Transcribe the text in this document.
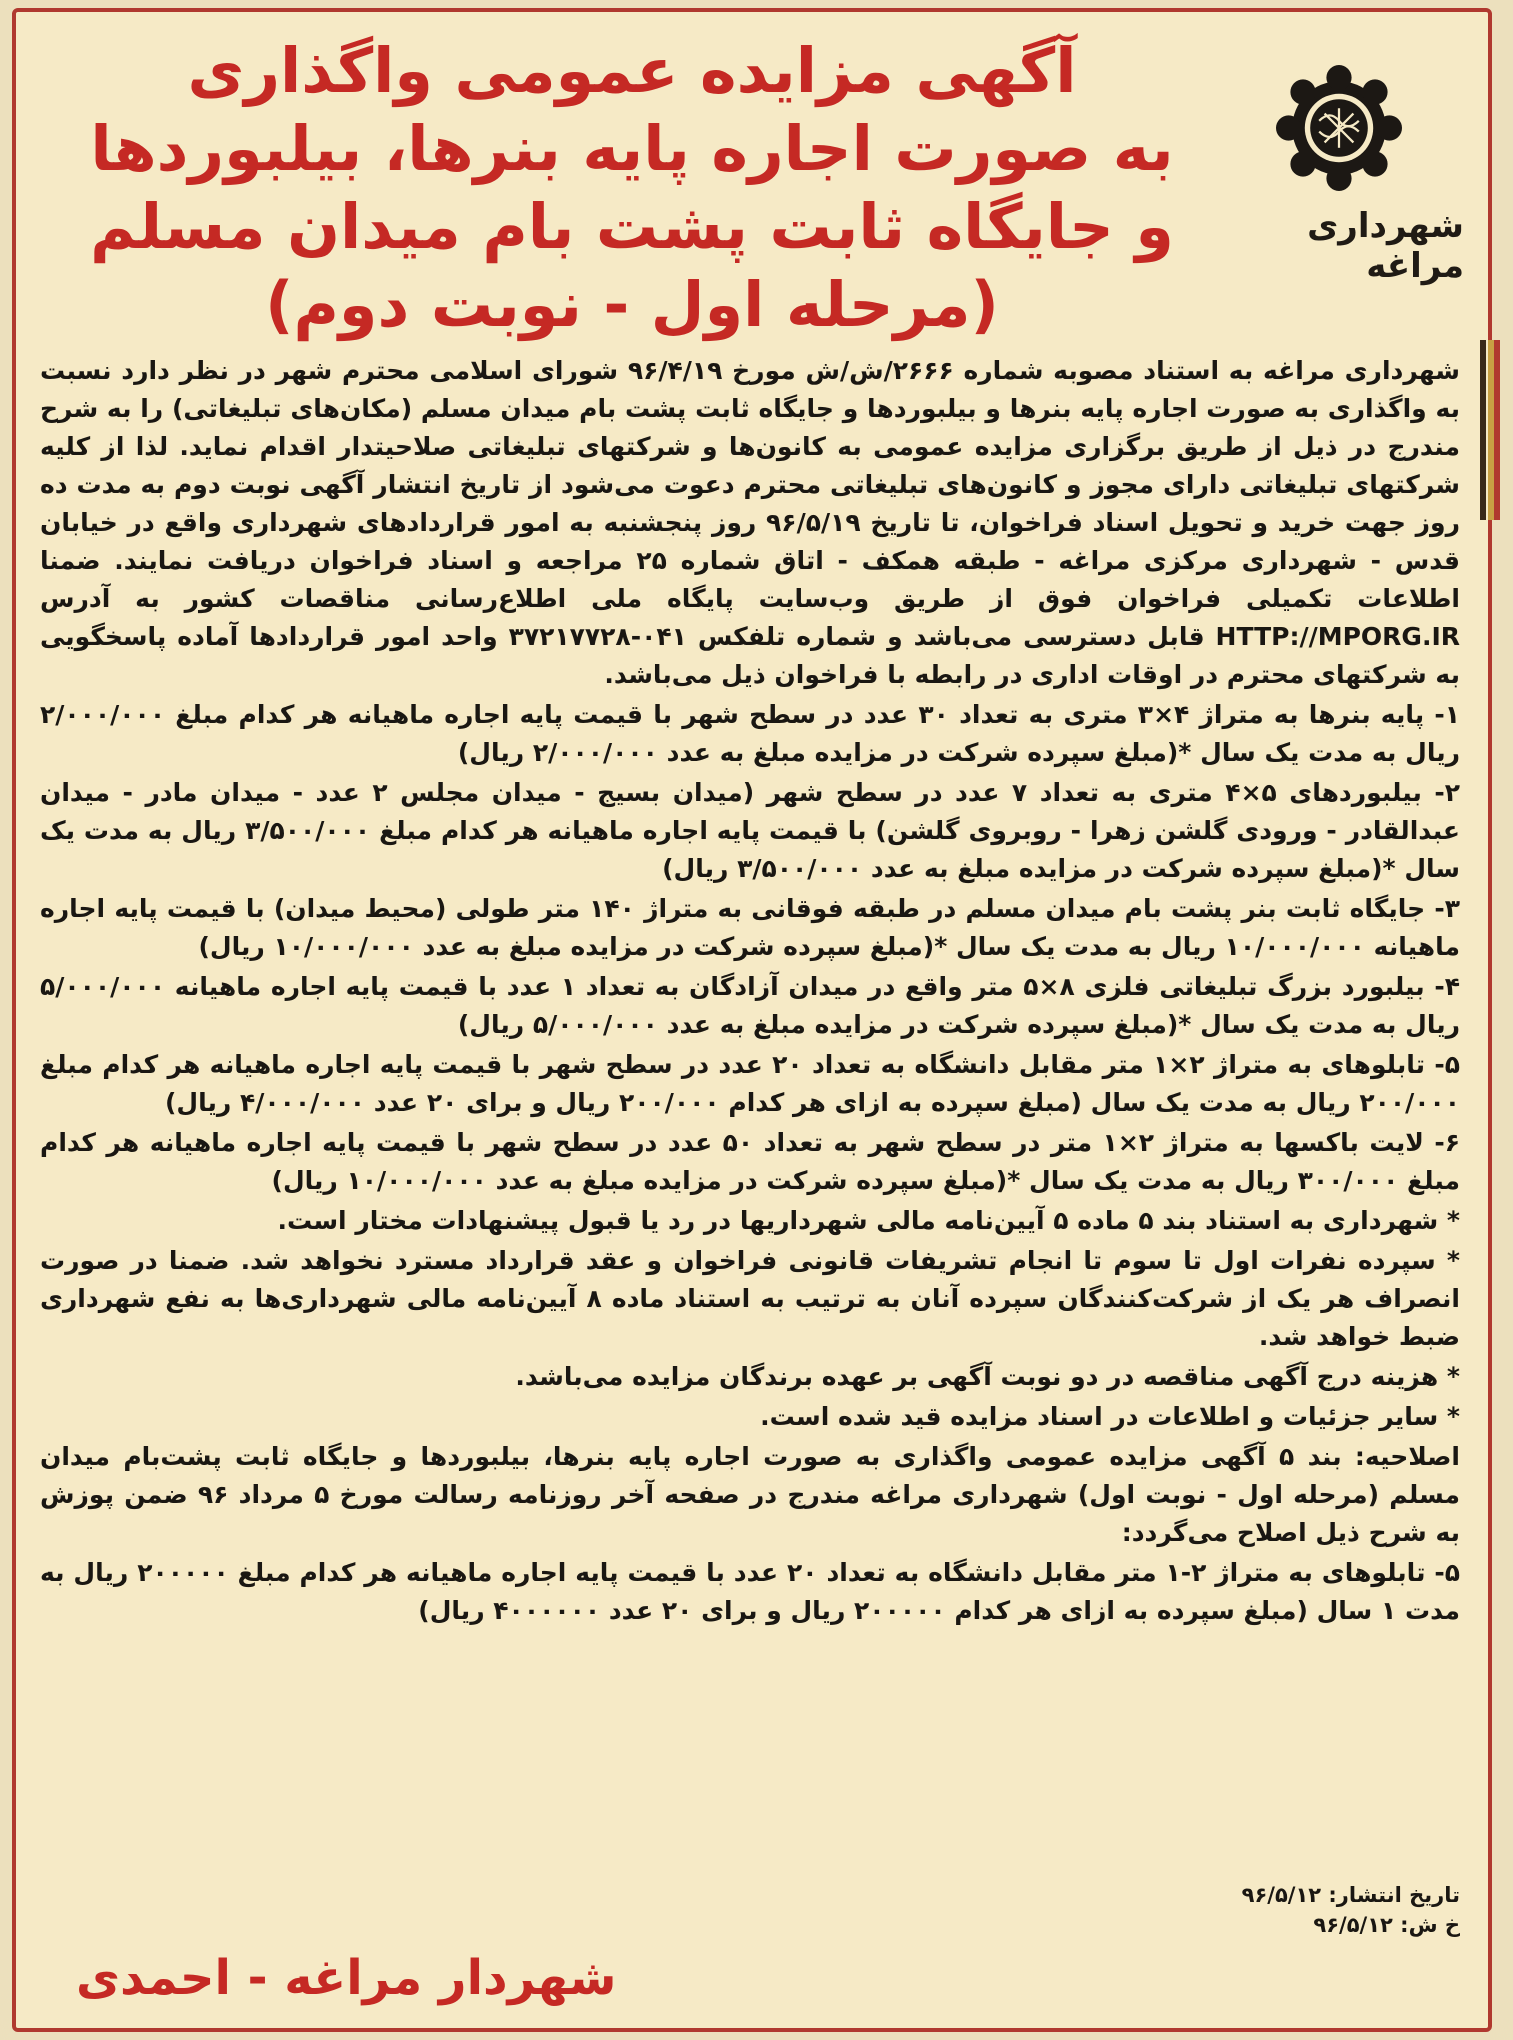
شهرداری مراغه
آگهی مزایده عمومی واگذاری
به صورت اجاره پایه بنرها، بیلبوردها
و جایگاه ثابت پشت بام میدان مسلم
(مرحله اول - نوبت دوم)

شهرداری مراغه به استناد مصوبه شماره ۲۶۶۶/ش/ش مورخ ۹۶/۴/۱۹ شورای اسلامی محترم شهر در نظر دارد نسبت به واگذاری به صورت اجاره پایه بنرها و بیلبوردها و جایگاه ثابت پشت بام میدان مسلم (مکان‌های تبلیغاتی) را به شرح مندرج در ذیل از طریق برگزاری مزایده عمومی به کانون‌ها و شرکتهای تبلیغاتی صلاحیتدار اقدام نماید. لذا از کلیه شرکتهای تبلیغاتی دارای مجوز و کانون‌های تبلیغاتی محترم دعوت می‌شود از تاریخ انتشار آگهی نوبت دوم به مدت ده روز جهت خرید و تحویل اسناد فراخوان، تا تاریخ ۹۶/۵/۱۹ روز پنجشنبه به امور قراردادهای شهرداری واقع در خیابان قدس - شهرداری مرکزی مراغه - طبقه همکف - اتاق شماره ۲۵ مراجعه و اسناد فراخوان دریافت نمایند. ضمنا اطلاعات تکمیلی فراخوان فوق از طریق وب‌سایت پایگاه ملی اطلاع‌رسانی مناقصات کشور به آدرس HTTP://MPORG.IR قابل دسترسی می‌باشد و شماره تلفکس ۰۴۱-۳۷۲۱۷۷۲۸ واحد امور قراردادها آماده پاسخگویی به شرکتهای محترم در اوقات اداری در رابطه با فراخوان ذیل می‌باشد.

۱- پایه بنرها به متراژ ۴×۳ متری به تعداد ۳۰ عدد در سطح شهر با قیمت پایه اجاره ماهیانه هر کدام مبلغ ۲/۰۰۰/۰۰۰ ریال به مدت یک سال *(مبلغ سپرده شرکت در مزایده مبلغ به عدد ۲/۰۰۰/۰۰۰ ریال)

۲- بیلبوردهای ۵×۴ متری به تعداد ۷ عدد در سطح شهر (میدان بسیج - میدان مجلس ۲ عدد - میدان مادر - میدان عبدالقادر - ورودی گلشن زهرا - روبروی گلشن) با قیمت پایه اجاره ماهیانه هر کدام مبلغ ۳/۵۰۰/۰۰۰ ریال به مدت یک سال *(مبلغ سپرده شرکت در مزایده مبلغ به عدد ۳/۵۰۰/۰۰۰ ریال)

۳- جایگاه ثابت بنر پشت بام میدان مسلم در طبقه فوقانی به متراژ ۱۴۰ متر طولی (محیط میدان) با قیمت پایه اجاره ماهیانه ۱۰/۰۰۰/۰۰۰ ریال به مدت یک سال *(مبلغ سپرده شرکت در مزایده مبلغ به عدد ۱۰/۰۰۰/۰۰۰ ریال)

۴- بیلبورد بزرگ تبلیغاتی فلزی ۸×۵ متر واقع در میدان آزادگان به تعداد ۱ عدد با قیمت پایه اجاره ماهیانه ۵/۰۰۰/۰۰۰ ریال به مدت یک سال *(مبلغ سپرده شرکت در مزایده مبلغ به عدد ۵/۰۰۰/۰۰۰ ریال)

۵- تابلوهای به متراژ ۲×۱ متر مقابل دانشگاه به تعداد ۲۰ عدد در سطح شهر با قیمت پایه اجاره ماهیانه هر کدام مبلغ ۲۰۰/۰۰۰ ریال به مدت یک سال (مبلغ سپرده به ازای هر کدام ۲۰۰/۰۰۰ ریال و برای ۲۰ عدد ۴/۰۰۰/۰۰۰ ریال)

۶- لایت باکسها به متراژ ۲×۱ متر در سطح شهر به تعداد ۵۰ عدد در سطح شهر با قیمت پایه اجاره ماهیانه هر کدام مبلغ ۳۰۰/۰۰۰ ریال به مدت یک سال *(مبلغ سپرده شرکت در مزایده مبلغ به عدد ۱۰/۰۰۰/۰۰۰ ریال)

* شهرداری به استناد بند ۵ ماده ۵ آیین‌نامه مالی شهرداریها در رد یا قبول پیشنهادات مختار است.

* سپرده نفرات اول تا سوم تا انجام تشریفات قانونی فراخوان و عقد قرارداد مسترد نخواهد شد. ضمنا در صورت انصراف هر یک از شرکت‌کنندگان سپرده آنان به ترتیب به استناد ماده ۸ آیین‌نامه مالی شهرداری‌ها به نفع شهرداری ضبط خواهد شد.

* هزینه درج آگهی مناقصه در دو نوبت آگهی بر عهده برندگان مزایده می‌باشد.

* سایر جزئیات و اطلاعات در اسناد مزایده قید شده است.

اصلاحیه: بند ۵ آگهی مزایده عمومی واگذاری به صورت اجاره پایه بنرها، بیلبوردها و جایگاه ثابت پشت‌بام میدان مسلم (مرحله اول - نوبت اول) شهرداری مراغه مندرج در صفحه آخر روزنامه رسالت مورخ ۵ مرداد ۹۶ ضمن پوزش به شرح ذیل اصلاح می‌گردد:

۵- تابلوهای به متراژ ۲-۱ متر مقابل دانشگاه به تعداد ۲۰ عدد با قیمت پایه اجاره ماهیانه هر کدام مبلغ ۲۰۰۰۰۰ ریال به مدت ۱ سال (مبلغ سپرده به ازای هر کدام ۲۰۰۰۰۰ ریال و برای ۲۰ عدد ۴۰۰۰۰۰۰ ریال)

تاریخ انتشار: ۹۶/۵/۱۲
خ ش: ۹۶/۵/۱۲
شهردار مراغه - احمدی
